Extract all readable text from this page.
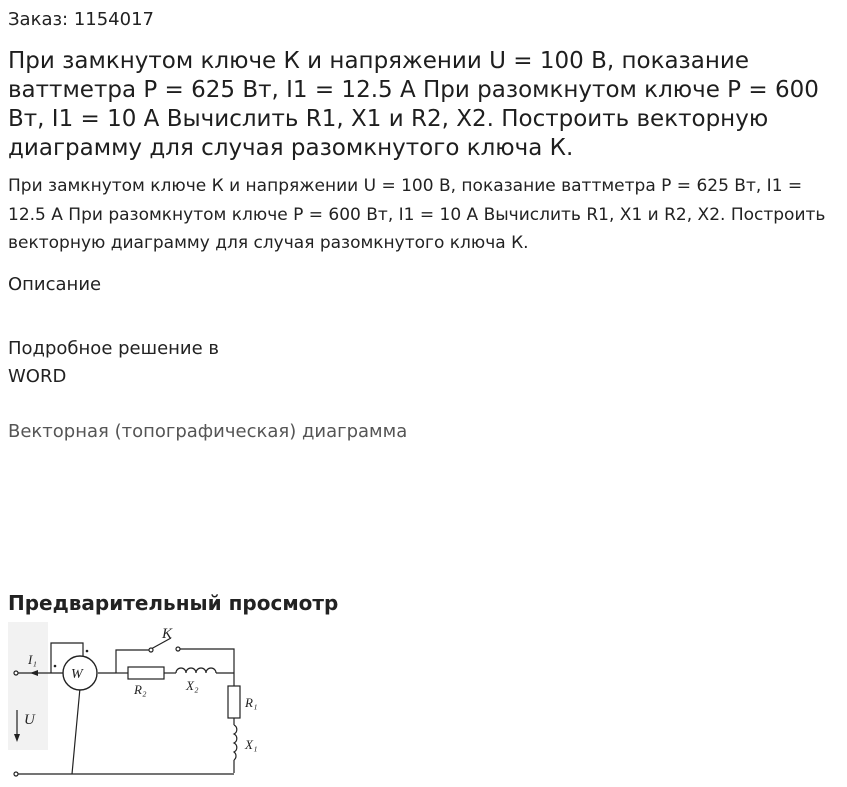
Заказ: 1154017
При замкнутом ключе К и напряжении U = 100 В, показание ваттметра P = 625 Вт, I1 = 12.5 А При разомкнутом ключе P = 600 Вт, I1 = 10 А Вычислить R1, X1 и R2, X2. Построить векторную диаграмму для случая разомкнутого ключа К.

При замкнутом ключе К и напряжении U = 100 В, показание ваттметра P = 625 Вт, I1 = 12.5 А При разомкнутом ключе P = 600 Вт, I1 = 10 А Вычислить R1, X1 и R2, X2. Построить векторную диаграмму для случая разомкнутого ключа К.

Описание
Подробное решение в
WORD
Векторная (топографическая) диаграмма
Предварительный просмотр
К
I₁
W
U
R₂	X₂
R₁
X₁
